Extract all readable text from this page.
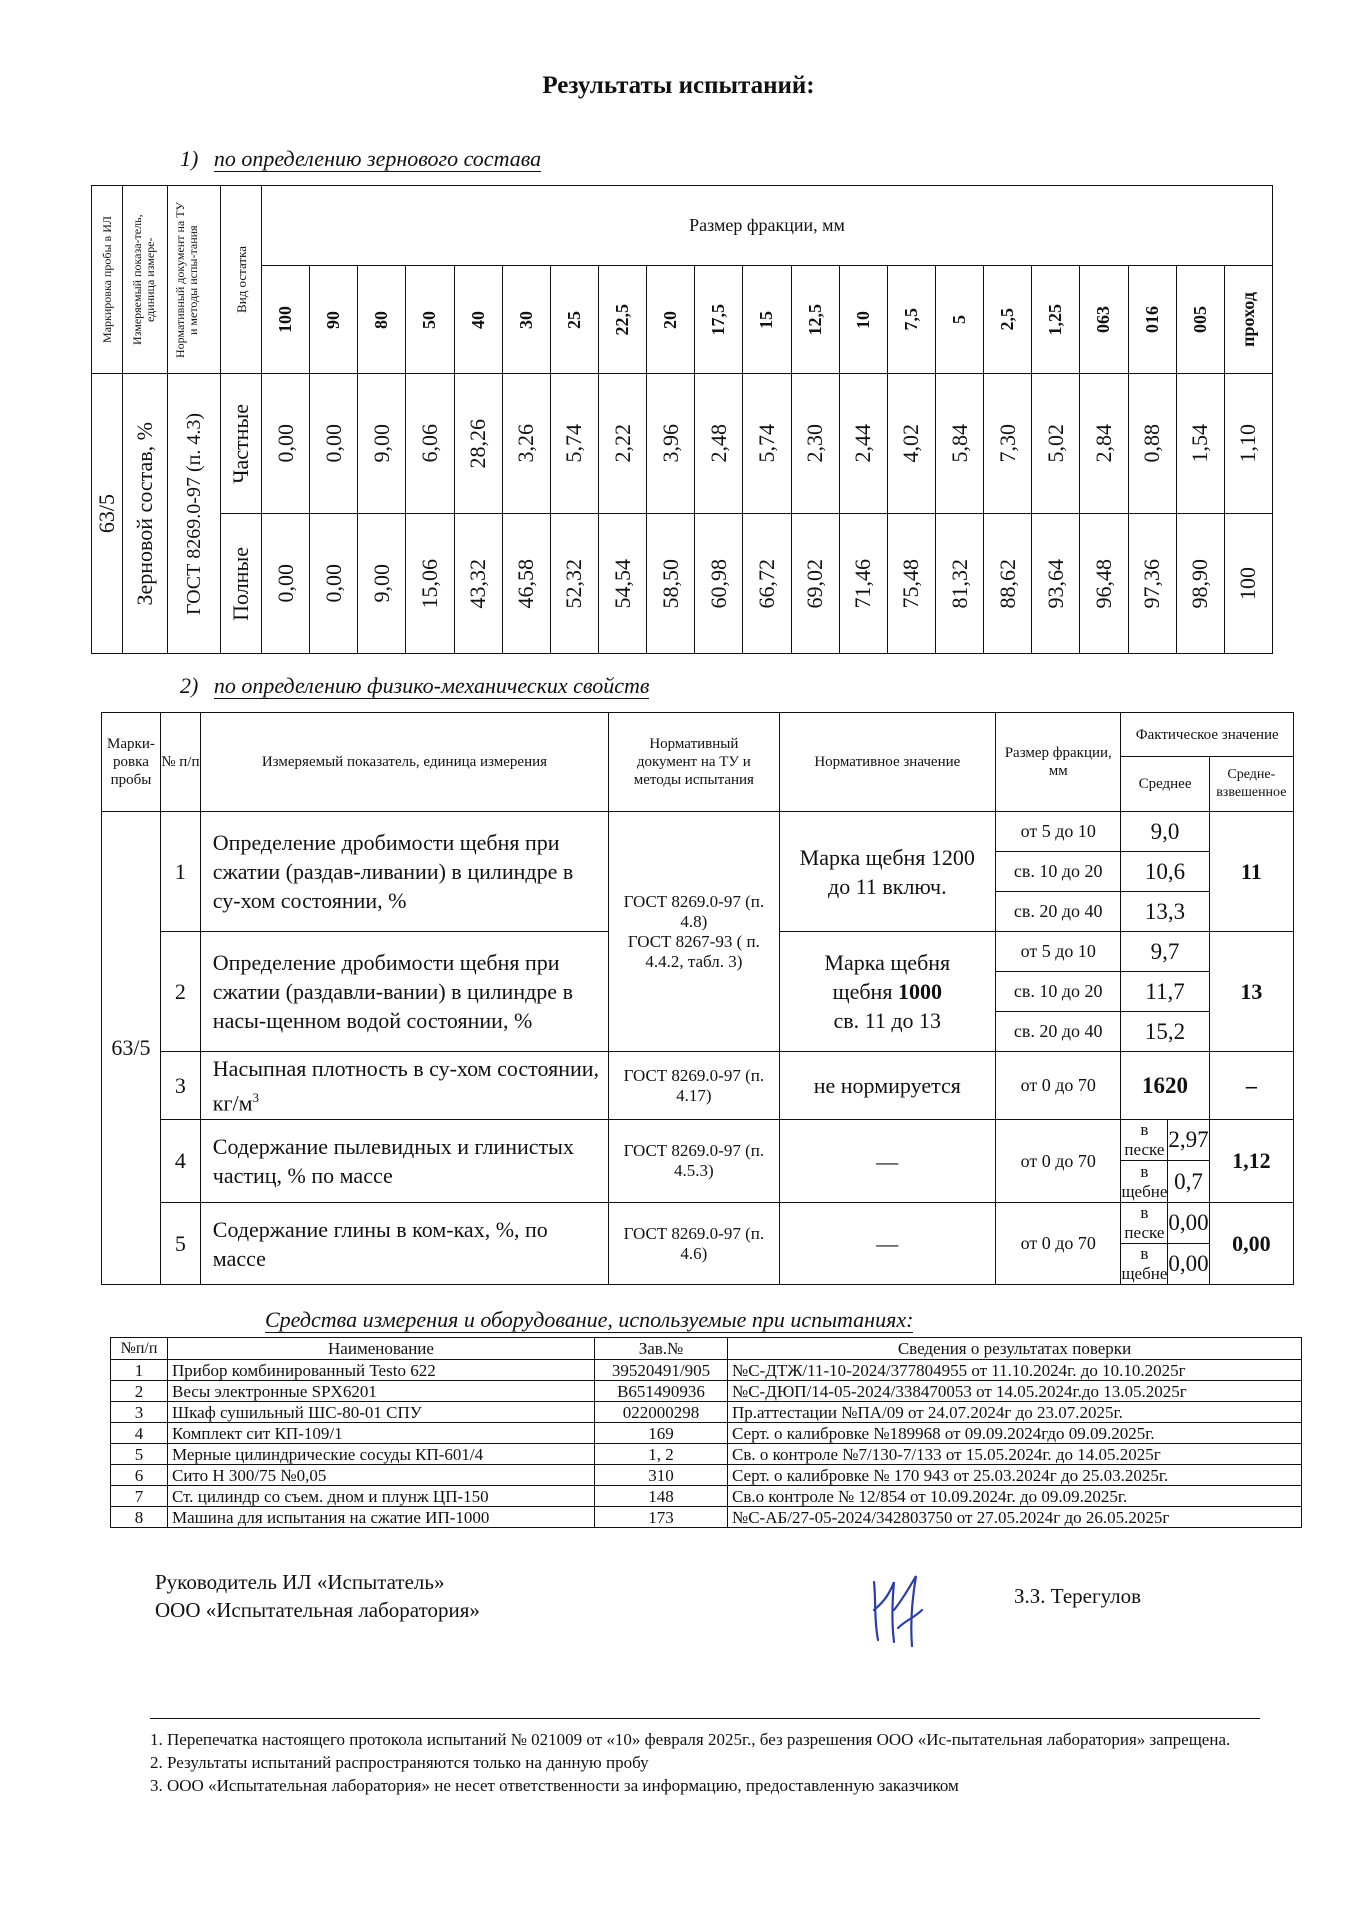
Результаты испытаний:
1) по определению зернового состава
Маркировка пробы в ИЛ	Измеряемый показа-тель, единица измере-	Нормативный документ на ТУ и методы испы-тания	Вид остатка	Размер фракции, мм																				

				100	90	80	50	40	30	25	22,5	20	17,5	15	12,5	10	7,5	5	2,5	1,25	063	016	005	проход

63/5	Зерновой состав, %	ГОСТ 8269.0-97 (п. 4.3)	Частные	0,00	0,00	9,00	6,06	28,26	3,26	5,74	2,22	3,96	2,48	5,74	2,30	2,44	4,02	5,84	7,30	5,02	2,84	0,88	1,54	1,10

			Полные	0,00	0,00	9,00	15,06	43,32	46,58	52,32	54,54	58,50	60,98	66,72	69,02	71,46	75,48	81,32	88,62	93,64	96,48	97,36	98,90	100
2) по определению физико-механических свойств
Марки-ровка пробы	№ п/п	Измеряемый показатель, единица измерения	Нормативный документ на ТУ и методы испытания	Нормативное значение	Размер фракции, мм	Фактическое значение		
						Среднее		Средне-взвешенное
63/5	1	Определение дробимости щебня при сжатии (раздав-ливании) в цилиндре в су-хом состоянии, %	ГОСТ 8269.0-97 (п. 4.8)
ГОСТ 8267-93 ( п. 4.4.2, табл. 3)	Марка щебня 1200 до 11 включ.	от 5 до 10	9,0		11
					св. 10 до 20	10,6		
					св. 20 до 40	13,3		
	2	Определение дробимости щебня при сжатии (раздавли-вании) в цилиндре в насы-щенном водой состоянии, %		Марка щебня
щебня 1000
св. 11 до 13	от 5 до 10	9,7		13
					св. 10 до 20	11,7		
					св. 20 до 40	15,2		
	3	Насыпная плотность в су-хом состоянии, $кг/м^3$	ГОСТ 8269.0-97 (п. 4.17)	не нормируется	от 0 до 70	1620		–
	4	Содержание пылевидных и глинистых частиц, % по массе	ГОСТ 8269.0-97 (п. 4.5.3)	—	от 0 до 70	в песке	2,97	1,12
						в щебне	0,7	
	5	Содержание глины в ком-ках, %, по массе	ГОСТ 8269.0-97 (п. 4.6)	—	от 0 до 70	в песке	0,00	0,00
						в щебне	0,00	
Средства измерения и оборудование, используемые при испытаниях:
№п/п	Наименование	Зав.№	Сведения о результатах поверки
1	Прибор комбинированный Testo 622	39520491/905	№С-ДТЖ/11-10-2024/377804955 от 11.10.2024г. до 10.10.2025г
2	Весы электронные SPX6201	B651490936	№С-ДЮП/14-05-2024/338470053 от 14.05.2024г.до 13.05.2025г
3	Шкаф сушильный ШС-80-01 СПУ	022000298	Пр.аттестации №ПА/09 от 24.07.2024г до 23.07.2025г.
4	Комплект сит КП-109/1	169	Серт. о калибровке №189968 от 09.09.2024гдо 09.09.2025г.
5	Мерные цилиндрические сосуды КП-601/4	1, 2	Св. о контроле №7/130-7/133 от 15.05.2024г. до 14.05.2025г
6	Сито Н 300/75 №0,05	310	Серт. о калибровке № 170 943 от 25.03.2024г до 25.03.2025г.
7	Ст. цилиндр со съем. дном и плунж ЦП-150	148	Св.о контроле № 12/854 от 10.09.2024г. до 09.09.2025г.
8	Машина для испытания на сжатие ИП-1000	173	№С-АБ/27-05-2024/342803750 от 27.05.2024г до 26.05.2025г
Руководитель ИЛ «Испытатель»
ООО «Испытательная лаборатория»
З.З. Терегулов
1. Перепечатка настоящего протокола испытаний № 021009 от «10» февраля 2025г., без разрешения ООО «Ис-пытательная лаборатория» запрещена.
2. Результаты испытаний распространяются только на данную пробу
3. ООО «Испытательная лаборатория» не несет ответственности за информацию, предоставленную заказчиком
